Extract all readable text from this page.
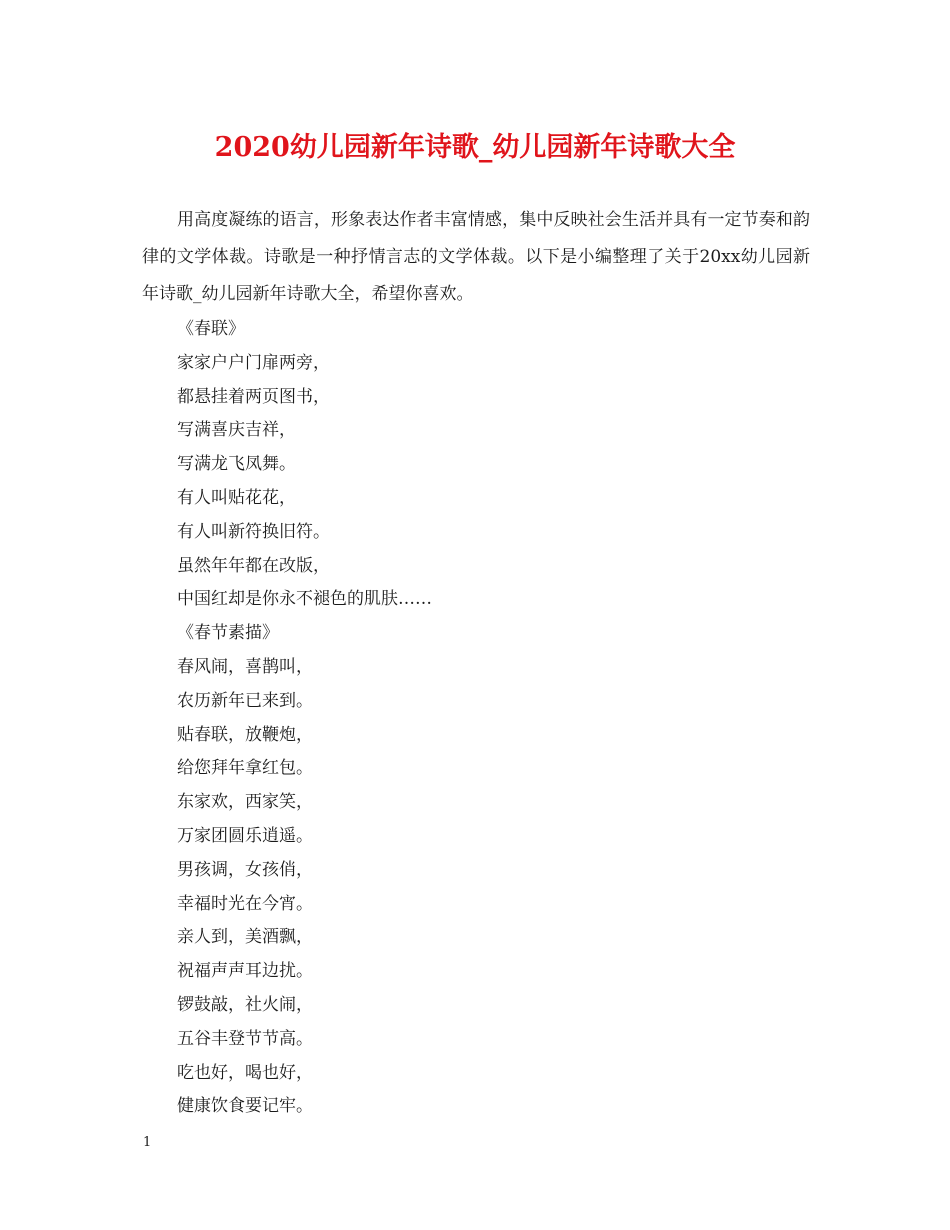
2020幼儿园新年诗歌_幼儿园新年诗歌大全

用高度凝练的语言，形象表达作者丰富情感，集中反映社会生活并具有一定节奏和韵律的文学体裁。诗歌是一种抒情言志的文学体裁。以下是小编整理了关于20xx幼儿园新年诗歌_幼儿园新年诗歌大全，希望你喜欢。

《春联》
家家户户门扉两旁，
都悬挂着两页图书，
写满喜庆吉祥，
写满龙飞凤舞。
有人叫贴花花，
有人叫新符换旧符。
虽然年年都在改版，
中国红却是你永不褪色的肌肤……
《春节素描》
春风闹，喜鹊叫，
农历新年已来到。
贴春联，放鞭炮，
给您拜年拿红包。
东家欢，西家笑，
万家团圆乐逍遥。
男孩调，女孩俏，
幸福时光在今宵。
亲人到，美酒飘，
祝福声声耳边扰。
锣鼓敲，社火闹，
五谷丰登节节高。
吃也好，喝也好，
健康饮食要记牢。
1
